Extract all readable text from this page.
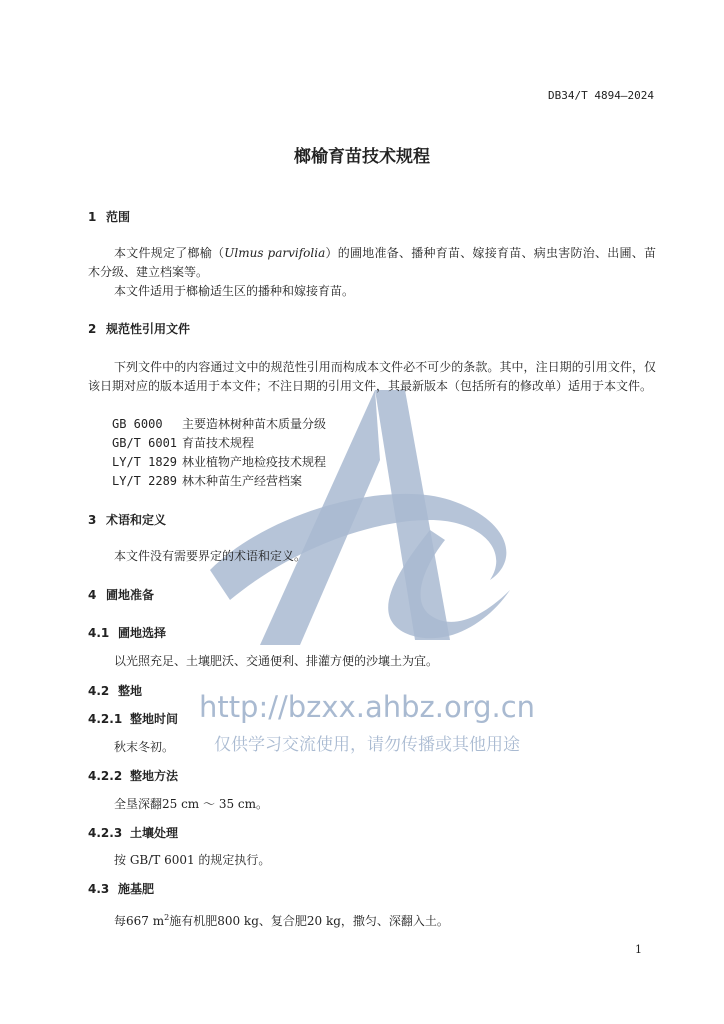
DB34/T 4894—2024
榔榆育苗技术规程
1 范围
本文件规定了榔榆（Ulmus parvifolia）的圃地准备、播种育苗、嫁接育苗、病虫害防治、出圃、苗木分级、建立档案等。
本文件适用于榔榆适生区的播种和嫁接育苗。
2 规范性引用文件
下列文件中的内容通过文中的规范性引用而构成本文件必不可少的条款。其中，注日期的引用文件，仅该日期对应的版本适用于本文件；不注日期的引用文件，其最新版本（包括所有的修改单）适用于本文件。
GB 6000 主要造林树种苗木质量分级
GB/T 6001 育苗技术规程
LY/T 1829 林业植物产地检疫技术规程
LY/T 2289 林木种苗生产经营档案
3 术语和定义
本文件没有需要界定的术语和定义。
4 圃地准备
4.1 圃地选择
以光照充足、土壤肥沃、交通便利、排灌方便的沙壤土为宜。
4.2 整地
4.2.1 整地时间
秋末冬初。
4.2.2 整地方法
全垦深翻25 cm ～ 35 cm。
4.2.3 土壤处理
按 GB/T 6001 的规定执行。
4.3 施基肥
每667 $m^2$施有机肥800 kg、复合肥20 kg，撒匀、深翻入土。
1
http://bzxx.ahbz.org.cn
仅供学习交流使用，请勿传播或其他用途
